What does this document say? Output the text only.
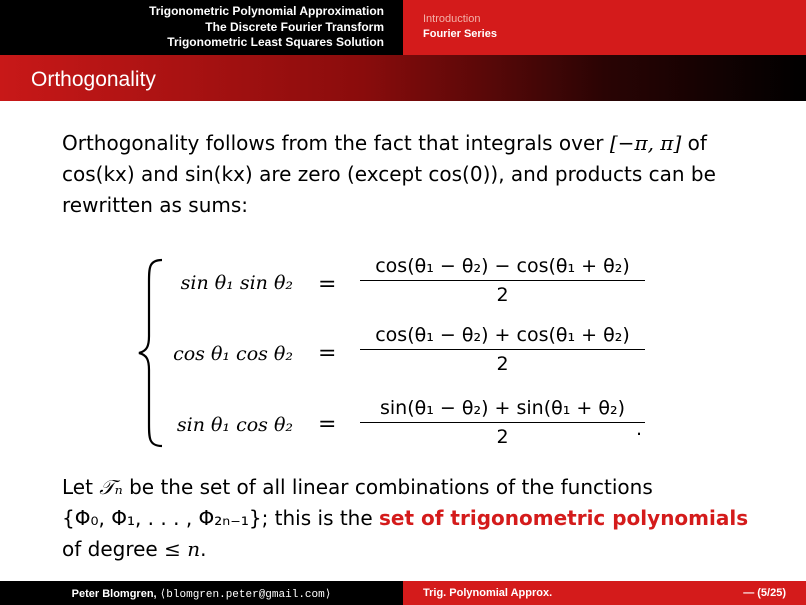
Trigonometric Polynomial Approximation
The Discrete Fourier Transform
Trigonometric Least Squares Solution
Introduction
Fourier Series
Orthogonality
Orthogonality follows from the fact that integrals over [−π, π] of cos(kx) and sin(kx) are zero (except cos(0)), and products can be rewritten as sums:
sin θ₁ $\sin \theta_2 = \frac{\text{cos(θ₁ − θ₂) − cos(θ₁ + θ₂)}}{2}$
cos θ₁ $\cos \theta_2 = \frac{\text{cos(θ₁ − θ₂) + cos(θ₁ + θ₂)}}{2}$
sin θ₁ $\cos \theta_2 = \frac{\text{sin(θ₁ − θ₂) + sin(θ₁ + θ₂)}}{2}$
.
Let 𝒯ₙ be the set of all linear combinations of the functions
{Φ₀, Φ₁, . . . , Φ₂ₙ₋₁}; this is the set of trigonometric polynomials of degree ≤ n.
Peter Blomgren, ⟨blomgren.peter@gmail.com⟩	Trig. Polynomial Approx.	— (5/25)
